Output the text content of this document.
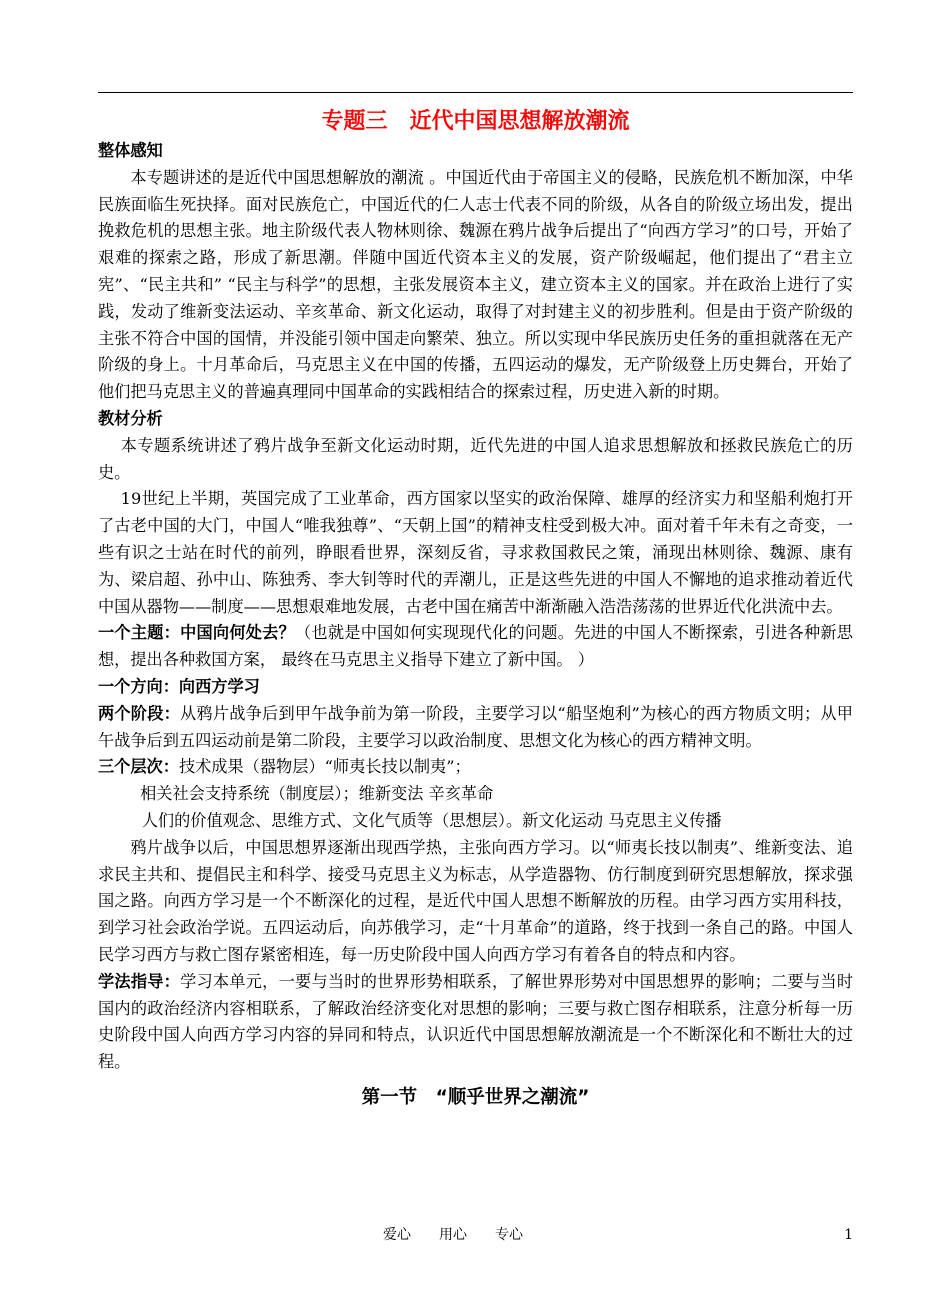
专题三　近代中国思想解放潮流

整体感知

本专题讲述的是近代中国思想解放的潮流 。中国近代由于帝国主义的侵略，民族危机不断加深，中华民族面临生死抉择。面对民族危亡，中国近代的仁人志士代表不同的阶级，从各自的阶级立场出发，提出挽救危机的思想主张。地主阶级代表人物林则徐、魏源在鸦片战争后提出了“向西方学习”的口号，开始了艰难的探索之路，形成了新思潮。伴随中国近代资本主义的发展，资产阶级崛起，他们提出了“君主立宪”、“民主共和” “民主与科学”的思想，主张发展资本主义，建立资本主义的国家。并在政治上进行了实践，发动了维新变法运动、辛亥革命、新文化运动，取得了对封建主义的初步胜利。但是由于资产阶级的主张不符合中国的国情，并没能引领中国走向繁荣、独立。所以实现中华民族历史任务的重担就落在无产阶级的身上。十月革命后，马克思主义在中国的传播，五四运动的爆发，无产阶级登上历史舞台，开始了他们把马克思主义的普遍真理同中国革命的实践相结合的探索过程，历史进入新的时期。

教材分析

本专题系统讲述了鸦片战争至新文化运动时期，近代先进的中国人追求思想解放和拯救民族危亡的历史。

19世纪上半期，英国完成了工业革命，西方国家以坚实的政治保障、雄厚的经济实力和坚船利炮打开了古老中国的大门，中国人“唯我独尊”、“天朝上国”的精神支柱受到极大冲。面对着千年未有之奇变，一些有识之士站在时代的前列，睁眼看世界，深刻反省，寻求救国救民之策，涌现出林则徐、魏源、康有为、梁启超、孙中山、陈独秀、李大钊等时代的弄潮儿，正是这些先进的中国人不懈地的追求推动着近代中国从器物——制度——思想艰难地发展，古老中国在痛苦中渐渐融入浩浩荡荡的世界近代化洪流中去。

一个主题：中国向何处去？（也就是中国如何实现现代化的问题。先进的中国人不断探索，引进各种新思想，提出各种救国方案， 最终在马克思主义指导下建立了新中国。 ）

一个方向：向西方学习

两个阶段：从鸦片战争后到甲午战争前为第一阶段，主要学习以“船坚炮利”为核心的西方物质文明；从甲午战争后到五四运动前是第二阶段，主要学习以政治制度、思想文化为核心的西方精神文明。

三个层次：技术成果（器物层）“师夷长技以制夷”；

相关社会支持系统（制度层）；维新变法 辛亥革命

人们的价值观念、思维方式、文化气质等（思想层）。新文化运动 马克思主义传播

鸦片战争以后，中国思想界逐渐出现西学热，主张向西方学习。以“师夷长技以制夷”、维新变法、追求民主共和、提倡民主和科学、接受马克思主义为标志，从学造器物、仿行制度到研究思想解放，探求强国之路。向西方学习是一个不断深化的过程，是近代中国人思想不断解放的历程。由学习西方实用科技，到学习社会政治学说。五四运动后，向苏俄学习，走“十月革命”的道路，终于找到一条自己的路。中国人民学习西方与救亡图存紧密相连，每一历史阶段中国人向西方学习有着各自的特点和内容。

学法指导：学习本单元，一要与当时的世界形势相联系，了解世界形势对中国思想界的影响；二要与当时国内的政治经济内容相联系，了解政治经济变化对思想的影响；三要与救亡图存相联系，注意分析每一历史阶段中国人向西方学习内容的异同和特点，认识近代中国思想解放潮流是一个不断深化和不断壮大的过程。

第一节　“顺乎世界之潮流”

爱心　　用心　　专心	1
